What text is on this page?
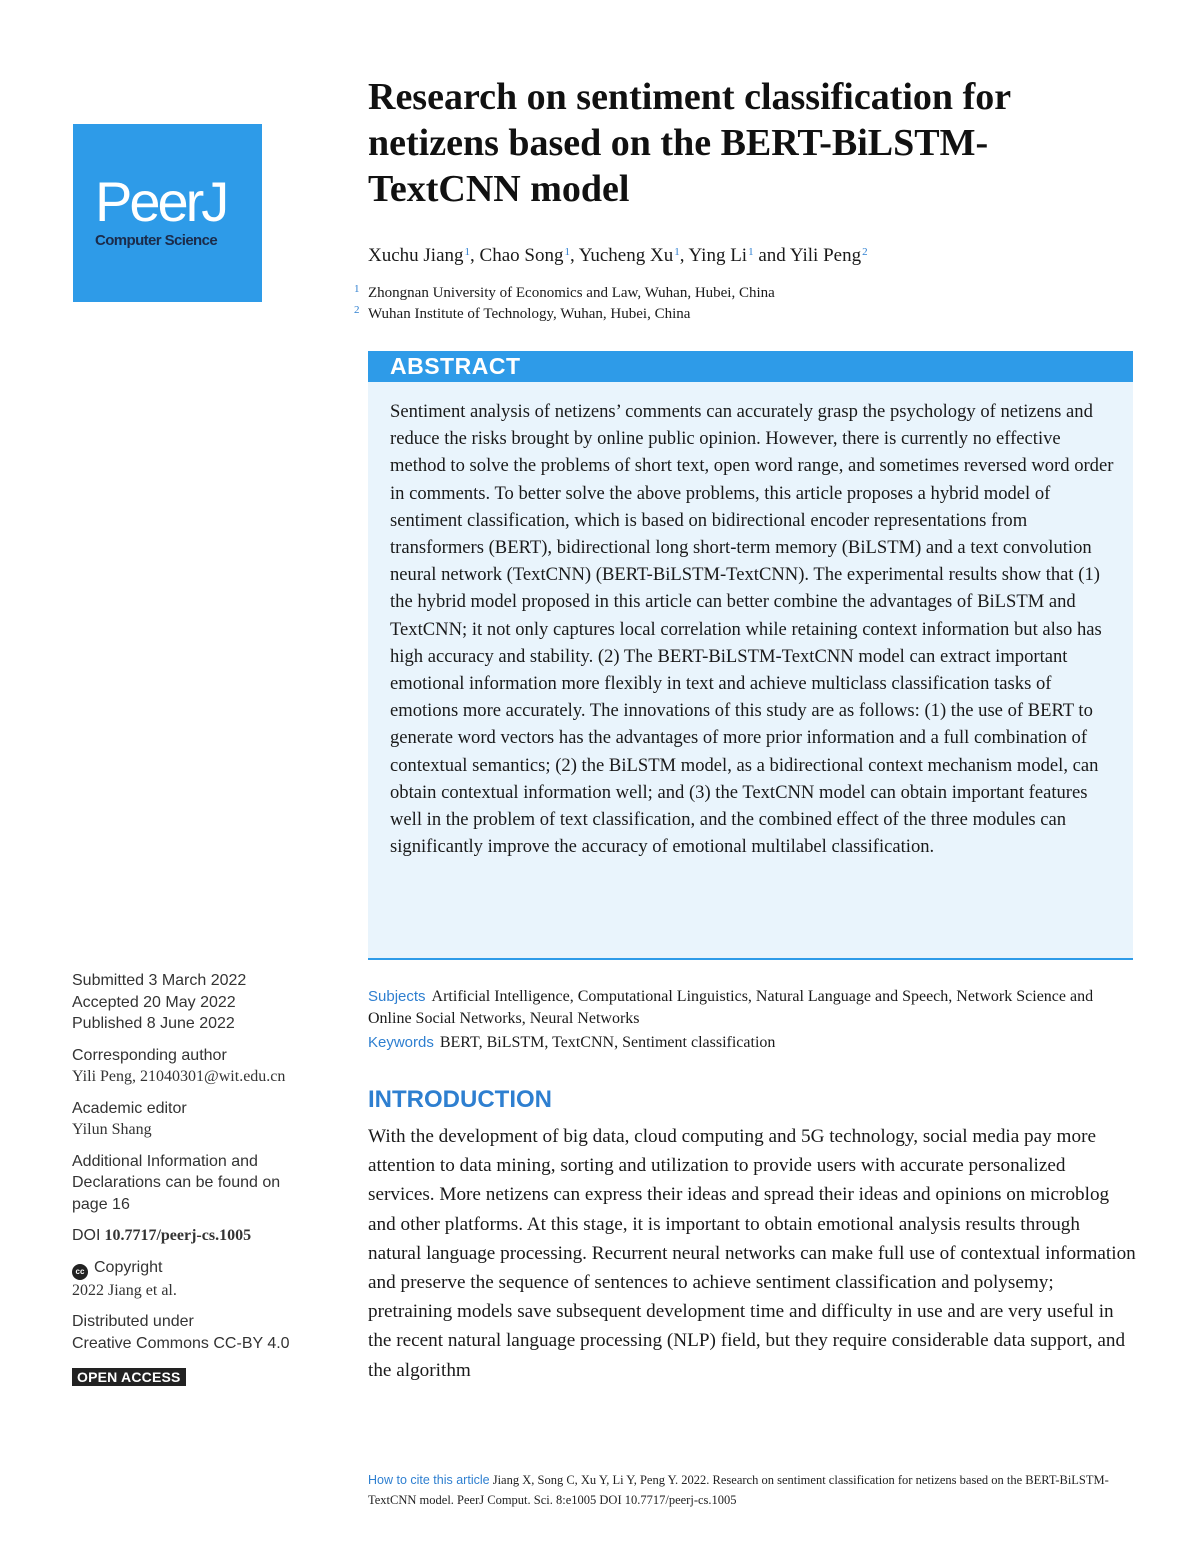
PeerJ
Computer Science
Research on sentiment classification for netizens based on the BERT-BiLSTM-TextCNN model
Xuchu Jiang$^1$, Chao Song$^1$, Yucheng Xu$^1$, Ying Li$^1$ and Yili Peng$^2$
1 Zhongnan University of Economics and Law, Wuhan, Hubei, China
2 Wuhan Institute of Technology, Wuhan, Hubei, China
ABSTRACT
Sentiment analysis of netizens’ comments can accurately grasp the psychology of netizens and reduce the risks brought by online public opinion. However, there is currently no effective method to solve the problems of short text, open word range, and sometimes reversed word order in comments. To better solve the above problems, this article proposes a hybrid model of sentiment classification, which is based on bidirectional encoder representations from transformers (BERT), bidirectional long short-term memory (BiLSTM) and a text convolution neural network (TextCNN) (BERT-BiLSTM-TextCNN). The experimental results show that (1) the hybrid model proposed in this article can better combine the advantages of BiLSTM and TextCNN; it not only captures local correlation while retaining context information but also has high accuracy and stability. (2) The BERT-BiLSTM-TextCNN model can extract important emotional information more flexibly in text and achieve multiclass classification tasks of emotions more accurately. The innovations of this study are as follows: (1) the use of BERT to generate word vectors has the advantages of more prior information and a full combination of contextual semantics; (2) the BiLSTM model, as a bidirectional context mechanism model, can obtain contextual information well; and (3) the TextCNN model can obtain important features well in the problem of text classification, and the combined effect of the three modules can significantly improve the accuracy of emotional multilabel classification.
Subjects Artificial Intelligence, Computational Linguistics, Natural Language and Speech, Network Science and Online Social Networks, Neural Networks
Keywords BERT, BiLSTM, TextCNN, Sentiment classification
INTRODUCTION
With the development of big data, cloud computing and 5G technology, social media pay more attention to data mining, sorting and utilization to provide users with accurate personalized services. More netizens can express their ideas and spread their ideas and opinions on microblog and other platforms. At this stage, it is important to obtain emotional analysis results through natural language processing. Recurrent neural networks can make full use of contextual information and preserve the sequence of sentences to achieve sentiment classification and polysemy; pretraining models save subsequent development time and difficulty in use and are very useful in the recent natural language processing (NLP) field, but they require considerable data support, and the algorithm
Submitted 3 March 2022
Accepted 20 May 2022
Published 8 June 2022
Corresponding author
Yili Peng, 21040301@wit.edu.cn
Academic editor
Yilun Shang
Additional Information and Declarations can be found on page 16
DOI 10.7717/peerj-cs.1005
cc Copyright
2022 Jiang et al.
Distributed under
Creative Commons CC-BY 4.0
OPEN ACCESS
How to cite this article Jiang X, Song C, Xu Y, Li Y, Peng Y. 2022. Research on sentiment classification for netizens based on the BERT-BiLSTM-TextCNN model. PeerJ Comput. Sci. 8:e1005 DOI 10.7717/peerj-cs.1005
